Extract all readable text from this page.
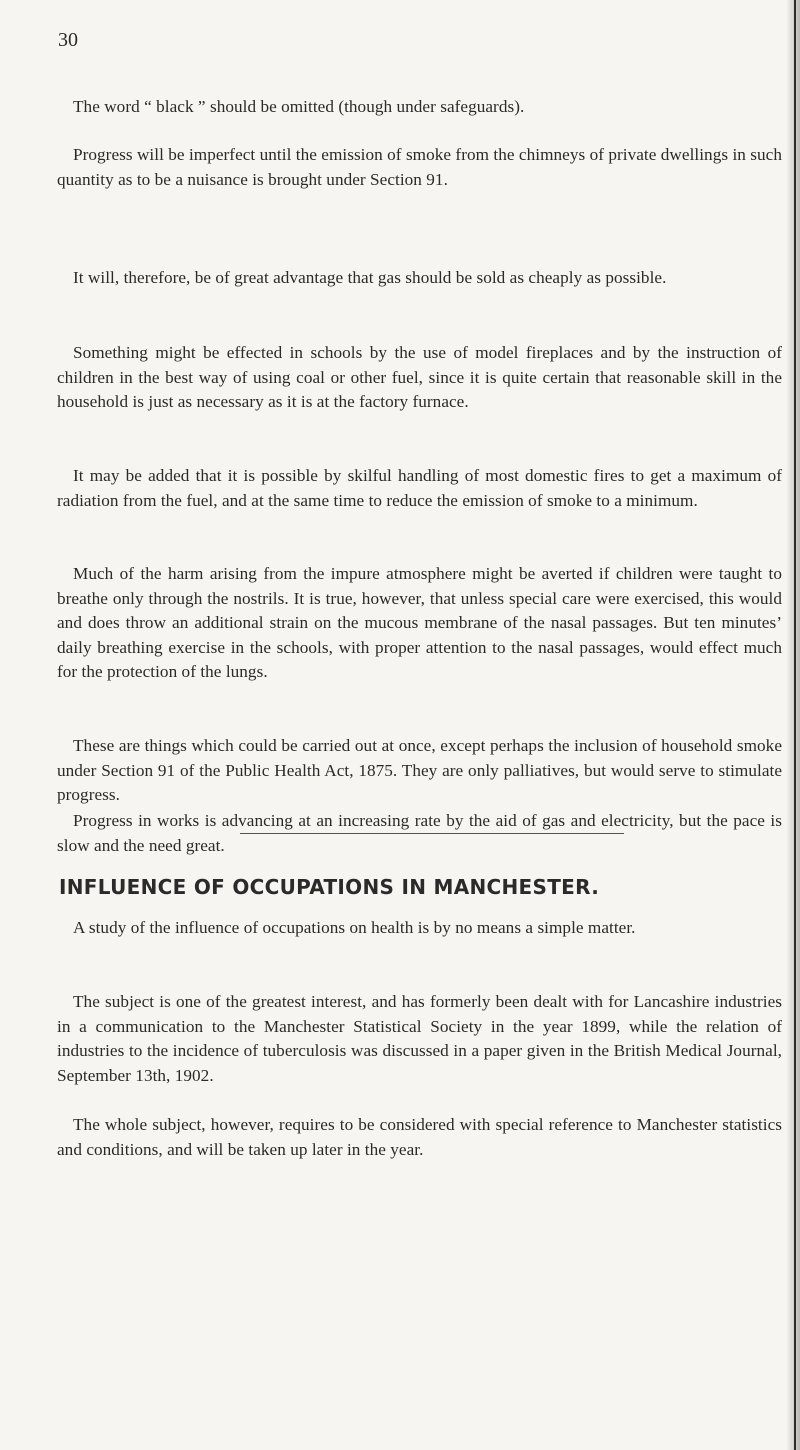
30

The word “ black ” should be omitted (though under safeguards).

Progress will be imperfect until the emission of smoke from the chimneys of private dwellings in such quantity as to be a nuisance is brought under Section 91.

It will, therefore, be of great advantage that gas should be sold as cheaply as possible.

Something might be effected in schools by the use of model fireplaces and by the instruction of children in the best way of using coal or other fuel, since it is quite certain that reasonable skill in the household is just as necessary as it is at the factory furnace.

It may be added that it is possible by skilful handling of most domestic fires to get a maximum of radiation from the fuel, and at the same time to reduce the emission of smoke to a minimum.

Much of the harm arising from the impure atmosphere might be averted if children were taught to breathe only through the nostrils. It is true, however, that unless special care were exercised, this would and does throw an additional strain on the mucous membrane of the nasal passages. But ten minutes’ daily breathing exercise in the schools, with proper attention to the nasal passages, would effect much for the protection of the lungs.

These are things which could be carried out at once, except perhaps the inclusion of household smoke under Section 91 of the Public Health Act, 1875. They are only palliatives, but would serve to stimulate progress.

Progress in works is advancing at an increasing rate by the aid of gas and electricity, but the pace is slow and the need great.

INFLUENCE OF OCCUPATIONS IN MANCHESTER.

A study of the influence of occupations on health is by no means a simple matter.

The subject is one of the greatest interest, and has formerly been dealt with for Lancashire industries in a communication to the Manchester Statistical Society in the year 1899, while the relation of industries to the incidence of tuberculosis was discussed in a paper given in the British Medical Journal, September 13th, 1902.

The whole subject, however, requires to be considered with special reference to Manchester statistics and conditions, and will be taken up later in the year.
